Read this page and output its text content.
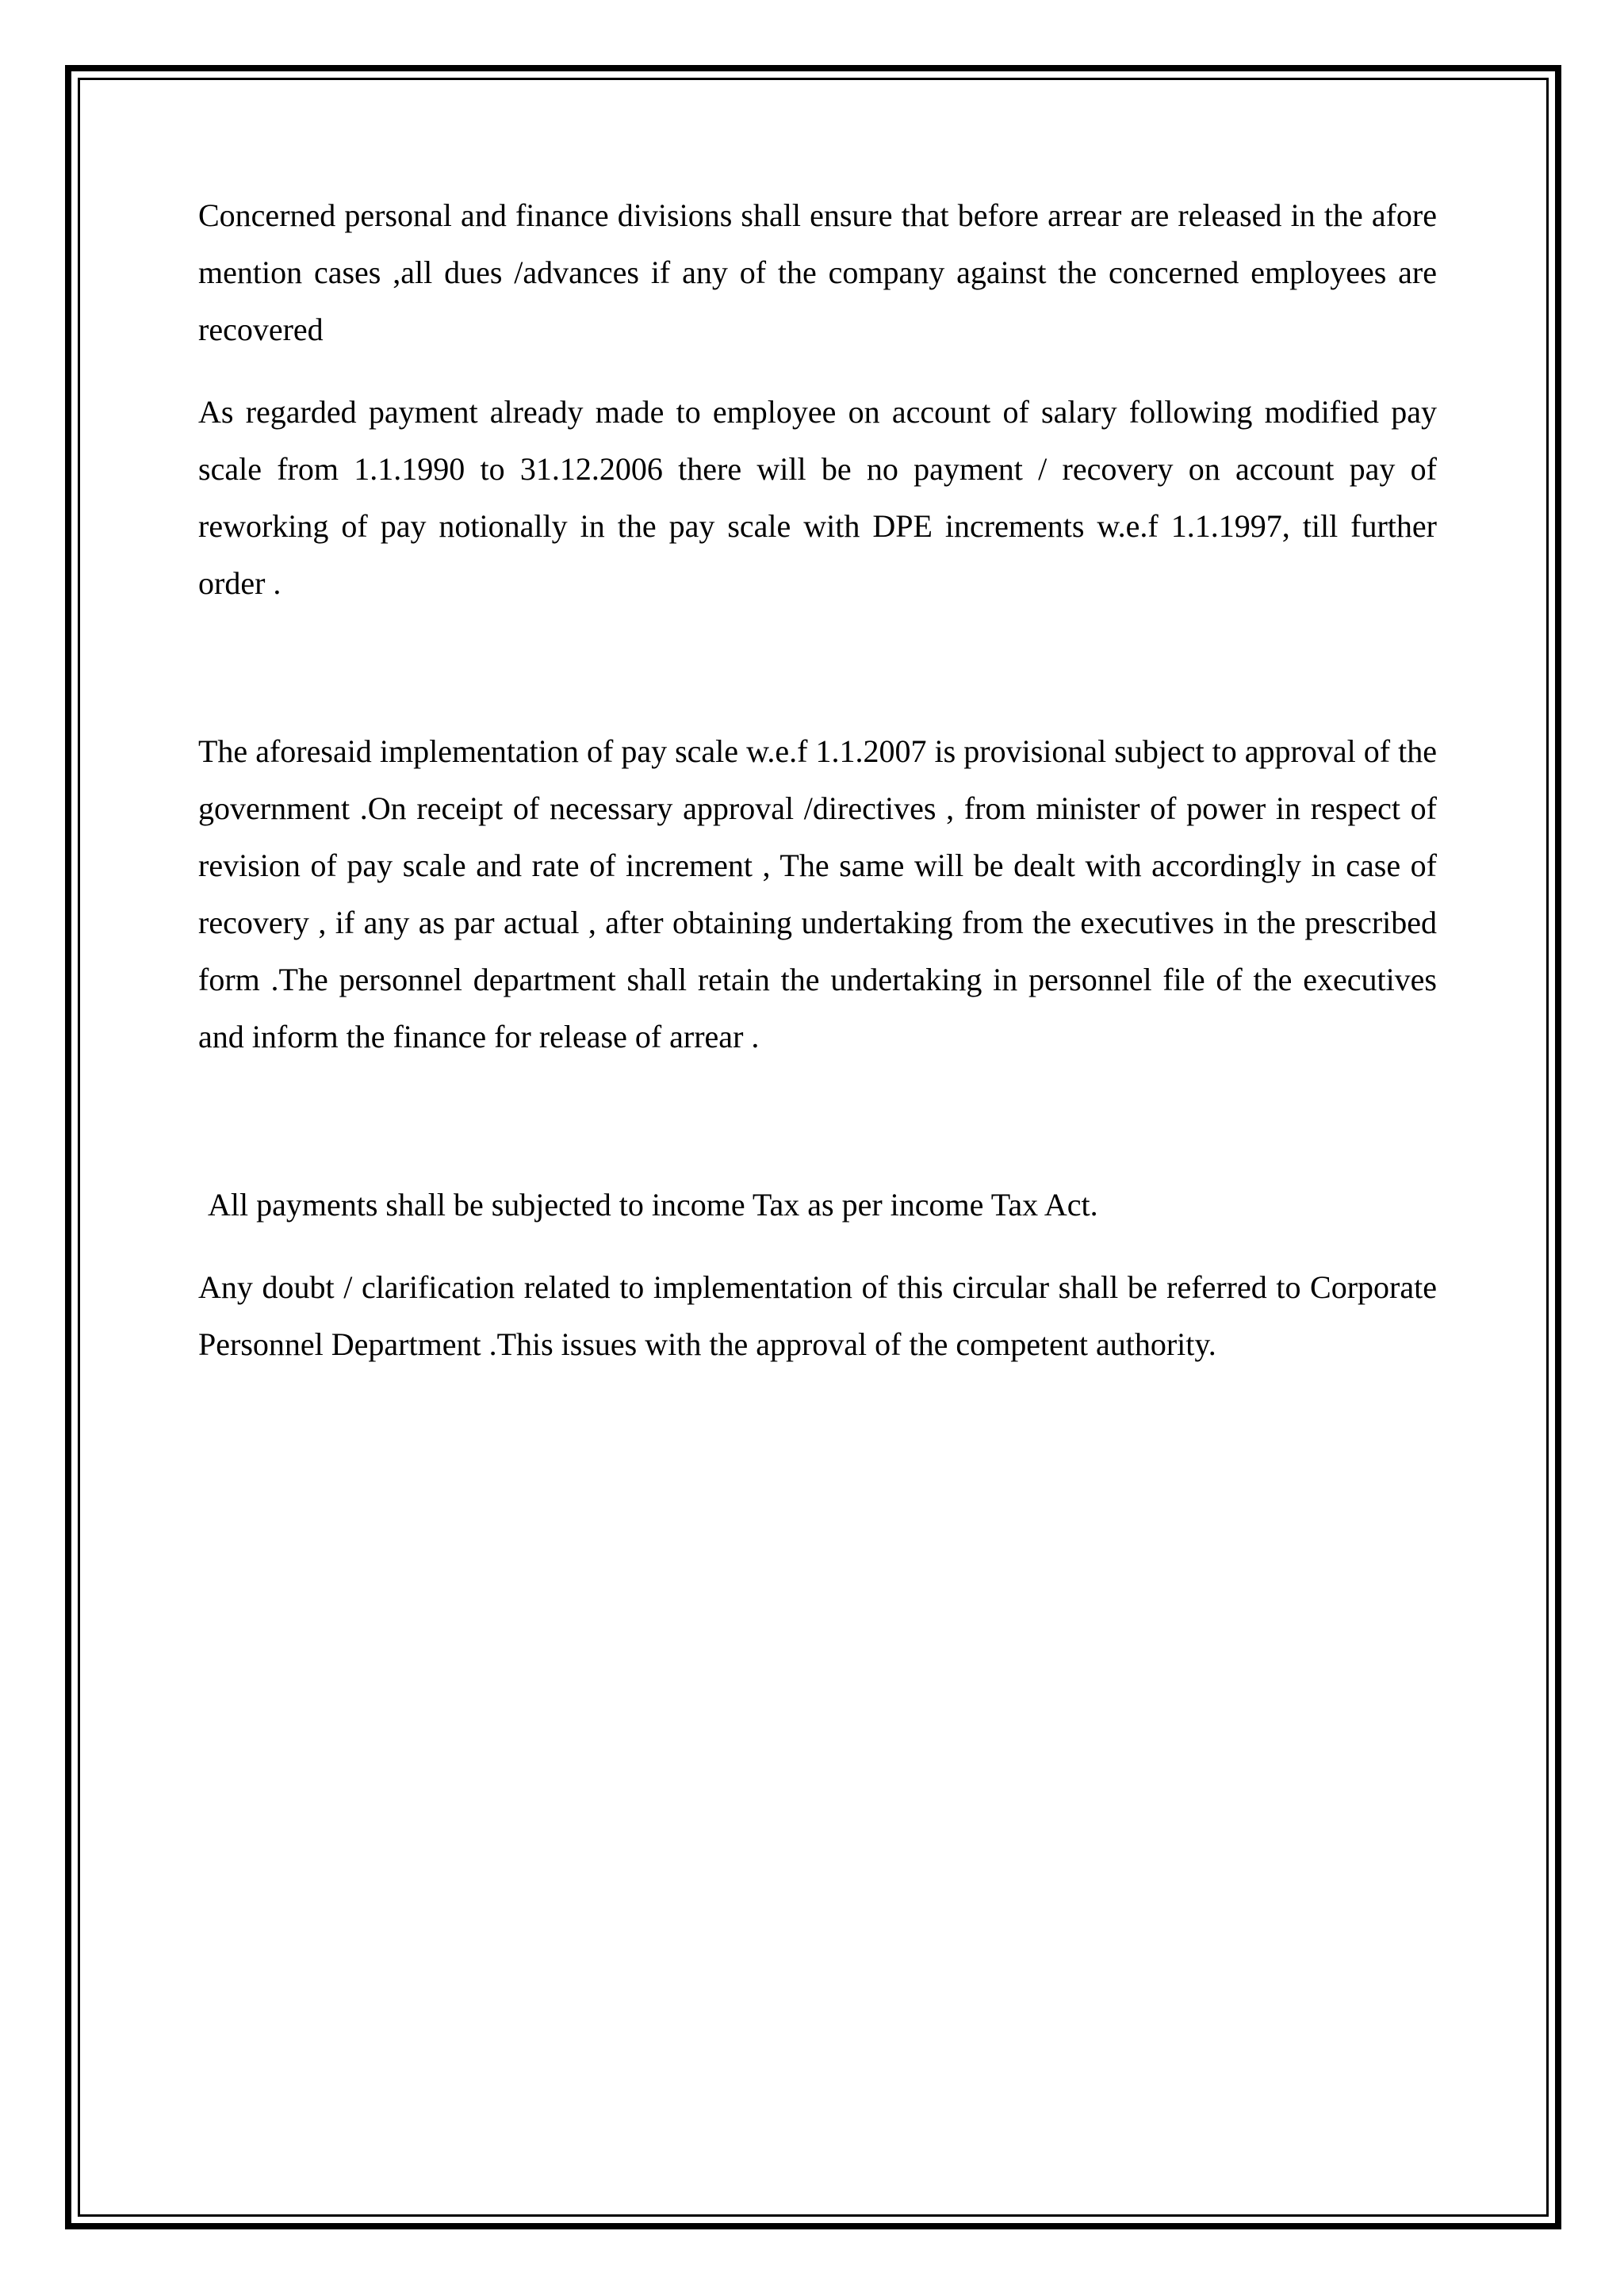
Concerned personal and finance divisions shall ensure that before arrear are released in the afore mention cases ,all dues /advances if any of the company against the concerned employees are recovered

As regarded payment already made to employee on account of salary following modified pay scale from 1.1.1990 to 31.12.2006 there will be no payment / recovery on account pay of reworking of pay notionally in the pay scale with DPE increments w.e.f 1.1.1997, till further order .

The aforesaid implementation of pay scale w.e.f 1.1.2007 is provisional subject to approval of the government .On receipt of necessary approval /directives , from minister of power in respect of revision of pay scale and rate of increment , The same will be dealt with accordingly in case of recovery , if any as par actual , after obtaining undertaking from the executives in the prescribed form .The personnel department shall retain the undertaking in personnel file of the executives and inform the finance for release of arrear .

All payments shall be subjected to income Tax as per income Tax Act.

Any doubt / clarification related to implementation of this circular shall be referred to Corporate Personnel Department .This issues with the approval of the competent authority.
